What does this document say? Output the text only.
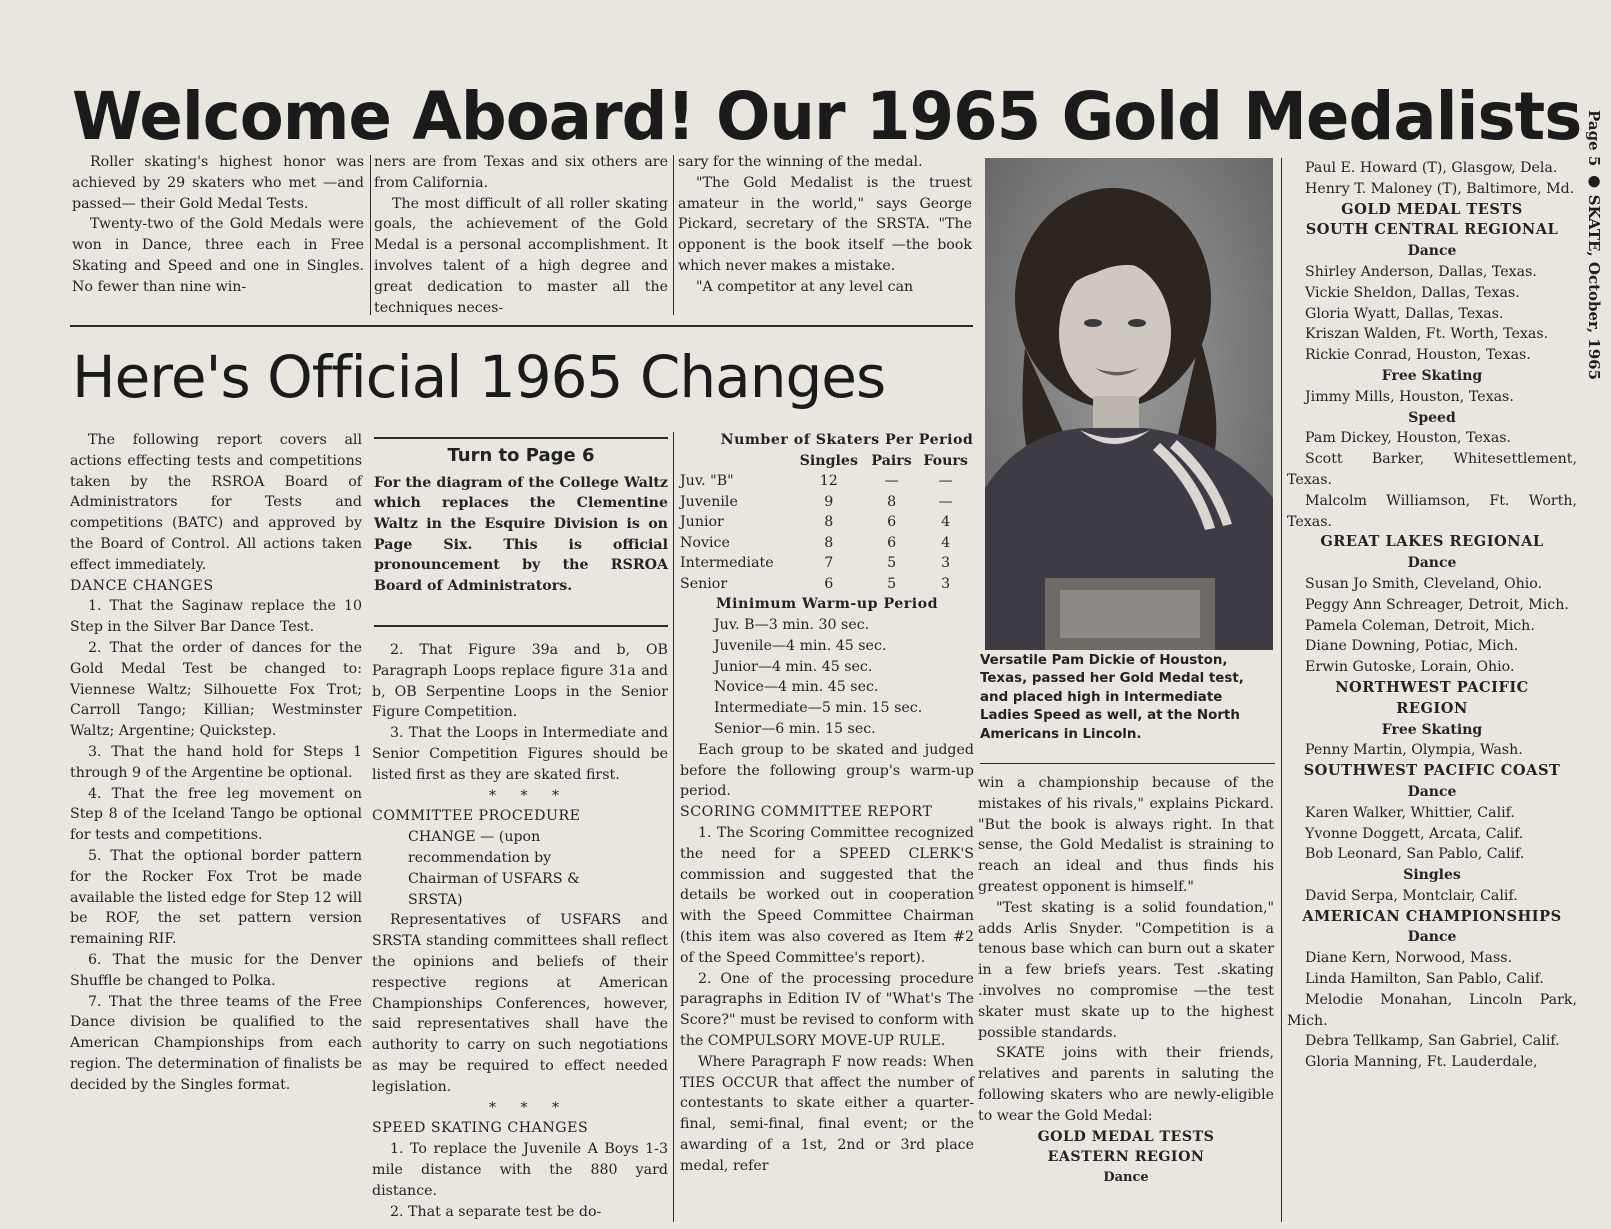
Welcome Aboard! Our 1965 Gold Medalists Page 5 ● SKATE, October, 1965

Roller skating's highest honor was achieved by 29 skaters who met —and passed— their Gold Medal Tests.

Twenty-two of the Gold Medals were won in Dance, three each in Free Skating and Speed and one in Singles. No fewer than nine win-

ners are from Texas and six others are from California.

The most difficult of all roller skating goals, the achievement of the Gold Medal is a personal accomplishment. It involves talent of a high degree and great dedication to master all the techniques neces-

sary for the winning of the medal.

"The Gold Medalist is the truest amateur in the world," says George Pickard, secretary of the SRSTA. "The opponent is the book itself —the book which never makes a mistake.

"A competitor at any level can

Here's Official 1965 Changes

The following report covers all actions effecting tests and competitions taken by the RSROA Board of Administrators for Tests and competitions (BATC) and approved by the Board of Control. All actions taken effect immediately.

DANCE CHANGES

1. That the Saginaw replace the 10 Step in the Silver Bar Dance Test.

2. That the order of dances for the Gold Medal Test be changed to: Viennese Waltz; Silhouette Fox Trot; Carroll Tango; Killian; Westminster Waltz; Argentine; Quickstep.

3. That the hand hold for Steps 1 through 9 of the Argentine be optional.

4. That the free leg movement on Step 8 of the Iceland Tango be optional for tests and competitions.

5. That the optional border pattern for the Rocker Fox Trot be made available the listed edge for Step 12 will be ROF, the set pattern version remaining RIF.

6. That the music for the Denver Shuffle be changed to Polka.

7. That the three teams of the Free Dance division be qualified to the American Championships from each region. The determination of finalists be decided by the Singles format.

Turn to Page 6
For the diagram of the College Waltz which replaces the Clementine Waltz in the Esquire Division is on Page Six. This is official pronouncement by the RSROA Board of Administrators.

2. That Figure 39a and b, OB Paragraph Loops replace figure 31a and b, OB Serpentine Loops in the Senior Figure Competition.

3. That the Loops in Intermediate and Senior Competition Figures should be listed first as they are skated first.

* * *

COMMITTEE PROCEDURE

CHANGE — (upon recommendation by Chairman of USFARS & SRSTA)

Representatives of USFARS and SRSTA standing committees shall reflect the opinions and beliefs of their respective regions at American Championships Conferences, however, said representatives shall have the authority to carry on such negotiations as may be required to effect needed legislation.

* * *

SPEED SKATING CHANGES

1. To replace the Juvenile A Boys 1-3 mile distance with the 880 yard distance.

2. That a separate test be do-

Number of Skaters Per Period

	Singles	Pairs	Fours
Juv. "B"	12	—	—
Juvenile	9	8	—
Junior	8	6	4
Novice	8	6	4
Intermediate	7	5	3
Senior	6	5	3

Minimum Warm-up Period

Juv. B—3 min. 30 sec.
Juvenile—4 min. 45 sec.
Junior—4 min. 45 sec.
Novice—4 min. 45 sec.
Intermediate—5 min. 15 sec.
Senior—6 min. 15 sec.

Each group to be skated and judged before the following group's warm-up period.

SCORING COMMITTEE REPORT

1. The Scoring Committee recognized the need for a SPEED CLERK'S commission and suggested that the details be worked out in cooperation with the Speed Committee Chairman (this item was also covered as Item #2 of the Speed Committee's report).

2. One of the processing procedure paragraphs in Edition IV of "What's The Score?" must be revised to conform with the COMPULSORY MOVE-UP RULE.

Where Paragraph F now reads: When TIES OCCUR that affect the number of contestants to skate either a quarter-final, semi-final, final event; or the awarding of a 1st, 2nd or 3rd place medal, refer

Versatile Pam Dickie of Houston, Texas, passed her Gold Medal test, and placed high in Intermediate Ladies Speed as well, at the North Americans in Lincoln.

win a championship because of the mistakes of his rivals," explains Pickard. "But the book is always right. In that sense, the Gold Medalist is straining to reach an ideal and thus finds his greatest opponent is himself."

"Test skating is a solid foundation," adds Arlis Snyder. "Competition is a tenous base which can burn out a skater in a few briefs years. Test .skating .involves no compromise —the test skater must skate up to the highest possible standards.

SKATE joins with their friends, relatives and parents in saluting the following skaters who are newly-eligible to wear the Gold Medal:

GOLD MEDAL TESTS

EASTERN REGION

Dance

Paul E. Howard (T), Glasgow, Dela.

Henry T. Maloney (T), Baltimore, Md.

GOLD MEDAL TESTS

SOUTH CENTRAL REGIONAL

Dance

Shirley Anderson, Dallas, Texas.

Vickie Sheldon, Dallas, Texas.

Gloria Wyatt, Dallas, Texas.

Kriszan Walden, Ft. Worth, Texas.

Rickie Conrad, Houston, Texas.

Free Skating

Jimmy Mills, Houston, Texas.

Speed

Pam Dickey, Houston, Texas.

Scott Barker, Whitesettlement, Texas.

Malcolm Williamson, Ft. Worth, Texas.

GREAT LAKES REGIONAL

Dance

Susan Jo Smith, Cleveland, Ohio.

Peggy Ann Schreager, Detroit, Mich.

Pamela Coleman, Detroit, Mich.

Diane Downing, Potiac, Mich.

Erwin Gutoske, Lorain, Ohio.

NORTHWEST PACIFIC

REGION

Free Skating

Penny Martin, Olympia, Wash.

SOUTHWEST PACIFIC COAST

Dance

Karen Walker, Whittier, Calif.

Yvonne Doggett, Arcata, Calif.

Bob Leonard, San Pablo, Calif.

Singles

David Serpa, Montclair, Calif.

AMERICAN CHAMPIONSHIPS

Dance

Diane Kern, Norwood, Mass.

Linda Hamilton, San Pablo, Calif.

Melodie Monahan, Lincoln Park, Mich.

Debra Tellkamp, San Gabriel, Calif.

Gloria Manning, Ft. Lauderdale,
